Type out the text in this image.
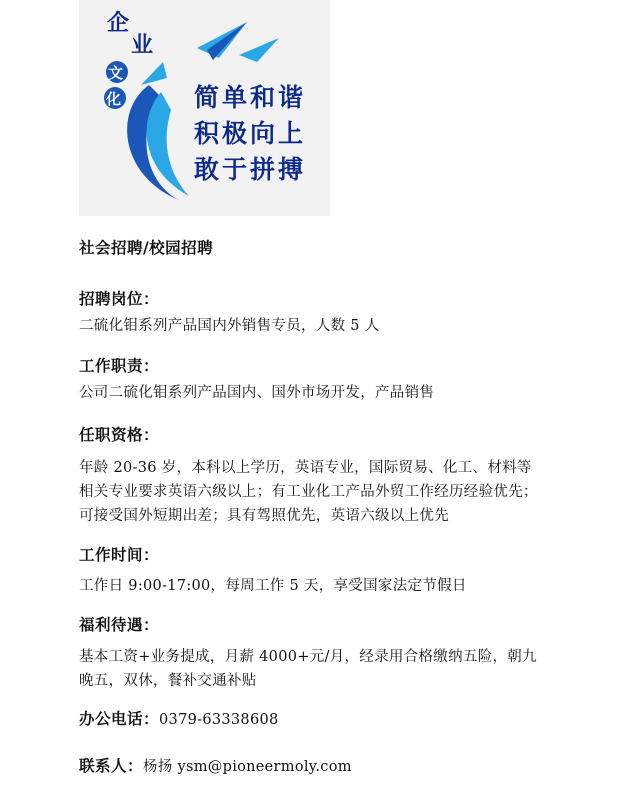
企
业
文
化	简单和谐
积极向上
敢于拼搏
社会招聘/校园招聘
招聘岗位：
二硫化钼系列产品国内外销售专员，人数 5 人
工作职责：
公司二硫化钼系列产品国内、国外市场开发，产品销售
任职资格：
年龄 20-36 岁，本科以上学历，英语专业，国际贸易、化工、材料等
相关专业要求英语六级以上；有工业化工产品外贸工作经历经验优先；
可接受国外短期出差；具有驾照优先，英语六级以上优先
工作时间：
工作日 9:00-17:00，每周工作 5 天，享受国家法定节假日
福利待遇：
基本工资+业务提成，月薪 4000+元/月，经录用合格缴纳五险，朝九
晚五，双休，餐补交通补贴
办公电话：0379-63338608
联系人：杨扬 ysm@pioneermoly.com
